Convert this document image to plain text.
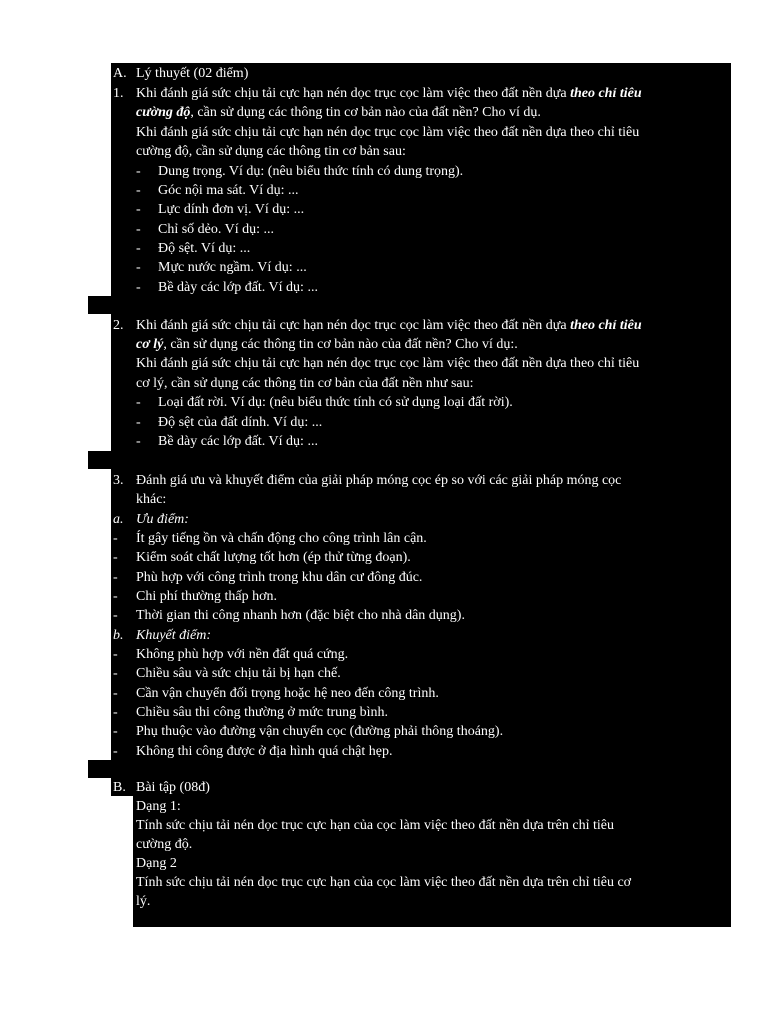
A. Lý thuyết (02 điểm)
1. Khi đánh giá sức chịu tải cực hạn nén dọc trục cọc làm việc theo đất nền dựa theo chỉ tiêu
cường độ, cần sử dụng các thông tin cơ bản nào của đất nền? Cho ví dụ.
Khi đánh giá sức chịu tải cực hạn nén dọc trục cọc làm việc theo đất nền dựa theo chỉ tiêu
cường độ, cần sử dụng các thông tin cơ bản sau:
- Dung trọng. Ví dụ: (nêu biểu thức tính có dung trọng).
- Góc nội ma sát. Ví dụ: ...
- Lực dính đơn vị. Ví dụ: ...
- Chỉ số dẻo. Ví dụ: ...
- Độ sệt. Ví dụ: ...
- Mực nước ngầm. Ví dụ: ...
- Bề dày các lớp đất. Ví dụ: ...
2. Khi đánh giá sức chịu tải cực hạn nén dọc trục cọc làm việc theo đất nền dựa theo chỉ tiêu
cơ lý, cần sử dụng các thông tin cơ bản nào của đất nền? Cho ví dụ:.
Khi đánh giá sức chịu tải cực hạn nén dọc trục cọc làm việc theo đất nền dựa theo chỉ tiêu
cơ lý, cần sử dụng các thông tin cơ bản của đất nền như sau:
- Loại đất rời. Ví dụ: (nêu biểu thức tính có sử dụng loại đất rời).
- Độ sệt của đất dính. Ví dụ: ...
- Bề dày các lớp đất. Ví dụ: ...
3. Đánh giá ưu và khuyết điểm của giải pháp móng cọc ép so với các giải pháp móng cọc
khác:
a. Ưu điểm:
- Ít gây tiếng ồn và chấn động cho công trình lân cận.
- Kiểm soát chất lượng tốt hơn (ép thử từng đoạn).
- Phù hợp với công trình trong khu dân cư đông đúc.
- Chi phí thường thấp hơn.
- Thời gian thi công nhanh hơn (đặc biệt cho nhà dân dụng).
b. Khuyết điểm:
- Không phù hợp với nền đất quá cứng.
- Chiều sâu và sức chịu tải bị hạn chế.
- Cần vận chuyển đối trọng hoặc hệ neo đến công trình.
- Chiều sâu thi công thường ở mức trung bình.
- Phụ thuộc vào đường vận chuyển cọc (đường phải thông thoáng).
- Không thi công được ở địa hình quá chật hẹp.
B. Bài tập (08đ)
Dạng 1:
Tính sức chịu tải nén dọc trục cực hạn của cọc làm việc theo đất nền dựa trên chỉ tiêu
cường độ.
Dạng 2
Tính sức chịu tải nén dọc trục cực hạn của cọc làm việc theo đất nền dựa trên chỉ tiêu cơ
lý.
